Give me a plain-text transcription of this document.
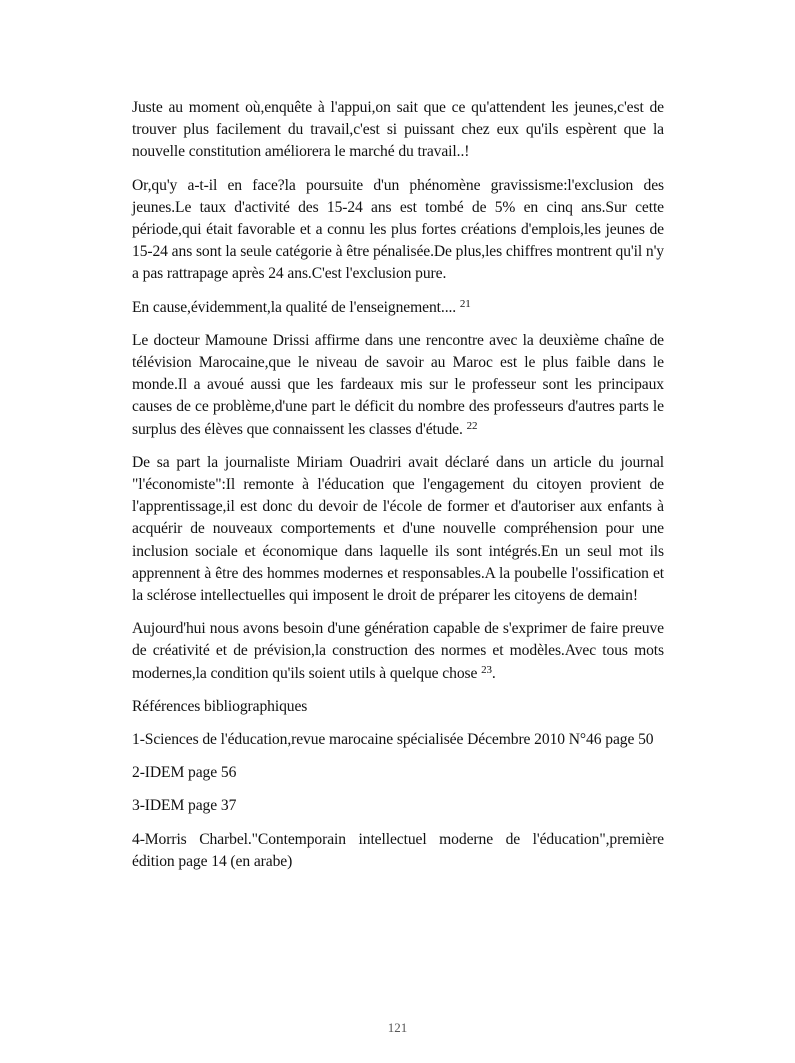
Juste au moment où,enquête à l'appui,on sait que ce qu'attendent les jeunes,c'est de trouver plus facilement du travail,c'est si puissant chez eux qu'ils espèrent que la nouvelle constitution améliorera le marché du travail..!

Or,qu'y a-t-il en face?la poursuite d'un phénomène gravissisme:l'exclusion des jeunes.Le taux d'activité des 15-24 ans est tombé de 5% en cinq ans.Sur cette période,qui était favorable et a connu les plus fortes créations d'emplois,les jeunes de 15-24 ans sont la seule catégorie à être pénalisée.De plus,les chiffres montrent qu'il n'y a pas rattrapage après 24 ans.C'est l'exclusion pure.

En cause,évidemment,la qualité de l'enseignement.... $^{21}$

Le docteur Mamoune Drissi affirme dans une rencontre avec la deuxième chaîne de télévision Marocaine,que le niveau de savoir au Maroc est le plus faible dans le monde.Il a avoué aussi que les fardeaux mis sur le professeur sont les principaux causes de ce problème,d'une part le déficit du nombre des professeurs d'autres parts le surplus des élèves que connaissent les classes d'étude. $^{22}$

De sa part la journaliste Miriam Ouadriri avait déclaré dans un article du journal "l'économiste":Il remonte à l'éducation que l'engagement du citoyen provient de l'apprentissage,il est donc du devoir de l'école de former et d'autoriser aux enfants à acquérir de nouveaux comportements et d'une nouvelle compréhension pour une inclusion sociale et économique dans laquelle ils sont intégrés.En un seul mot ils apprennent à être des hommes modernes et responsables.A la poubelle l'ossification et la sclérose intellectuelles qui imposent le droit de préparer les citoyens de demain!

Aujourd'hui nous avons besoin d'une génération capable de s'exprimer de faire preuve de créativité et de prévision,la construction des normes et modèles.Avec tous mots modernes,la condition qu'ils soient utils à quelque chose $^{23}$.

Références bibliographiques

1-Sciences de l'éducation,revue marocaine spécialisée Décembre 2010 N°46 page 50

2-IDEM page 56

3-IDEM page 37

4-Morris Charbel."Contemporain intellectuel moderne de l'éducation",première édition page 14 (en arabe)

121
